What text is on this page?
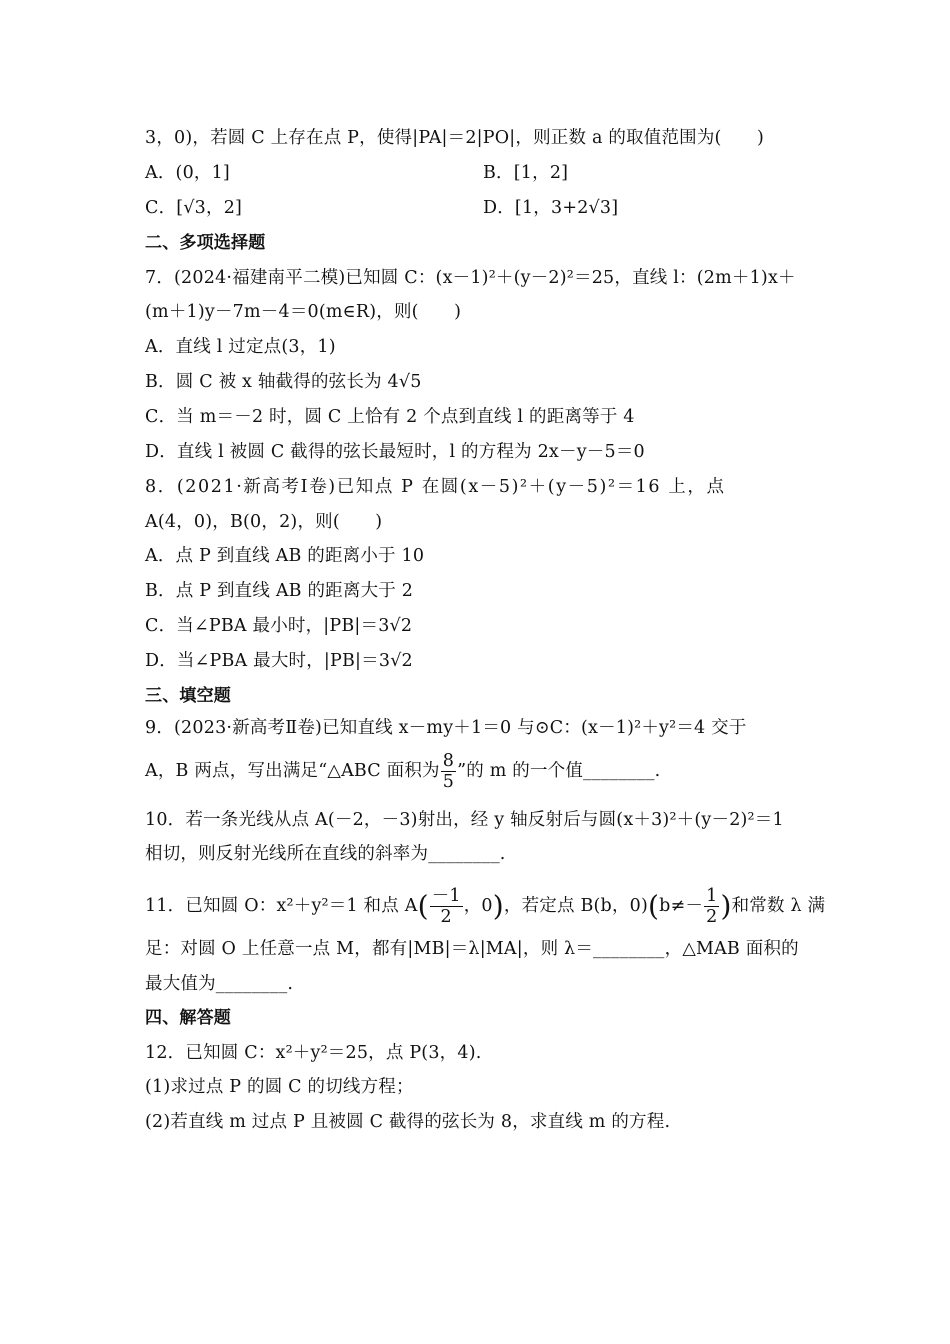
3，0)，若圆 C 上存在点 P，使得|PA|＝2|PO|，则正数 a 的取值范围为(　　)
A．(0，1]	B．[1，2]
C．[√3，2]	D．[1，3+2√3]
二、多项选择题
7．(2024·福建南平二模)已知圆 C：(x－1)²＋(y－2)²＝25，直线 l：(2m＋1)x＋
(m＋1)y－7m－4＝0(m∈R)，则(　　)
A．直线 l 过定点(3，1)
B．圆 C 被 x 轴截得的弦长为 4√5
C．当 m＝－2 时，圆 C 上恰有 2 个点到直线 l 的距离等于 4
D．直线 l 被圆 C 截得的弦长最短时，l 的方程为 2x－y－5＝0
8．(2021·新高考Ⅰ卷)已知点 P 在圆(x－5)²＋(y－5)²＝16 上，点
A(4，0)，B(0，2)，则(　　)
A．点 P 到直线 AB 的距离小于 10
B．点 P 到直线 AB 的距离大于 2
C．当∠PBA 最小时，|PB|＝3√2
D．当∠PBA 最大时，|PB|＝3√2
三、填空题
9．(2023·新高考Ⅱ卷)已知直线 x－my＋1＝0 与⊙C：(x－1)²＋y²＝4 交于
A，B 两点，写出满足“△ABC 面积为 $\frac{8}{5}$ ”的 m 的一个值________.
10．若一条光线从点 A(－2，－3)射出，经 y 轴反射后与圆(x＋3)²＋(y－2)²＝1
相切，则反射光线所在直线的斜率为________.
11．已知圆 O：x²＋y²＝1 和点 $A( \frac{-1}{2}$ ，0)，若定点 B(b，$0)(b\ne- \frac{1}{2}$ )和常数 λ 满
足：对圆 O 上任意一点 M，都有|MB|＝λ|MA|，则 λ＝________，△MAB 面积的
最大值为________.
四、解答题
12．已知圆 C：x²＋y²＝25，点 P(3，4).
(1)求过点 P 的圆 C 的切线方程；
(2)若直线 m 过点 P 且被圆 C 截得的弦长为 8，求直线 m 的方程.
